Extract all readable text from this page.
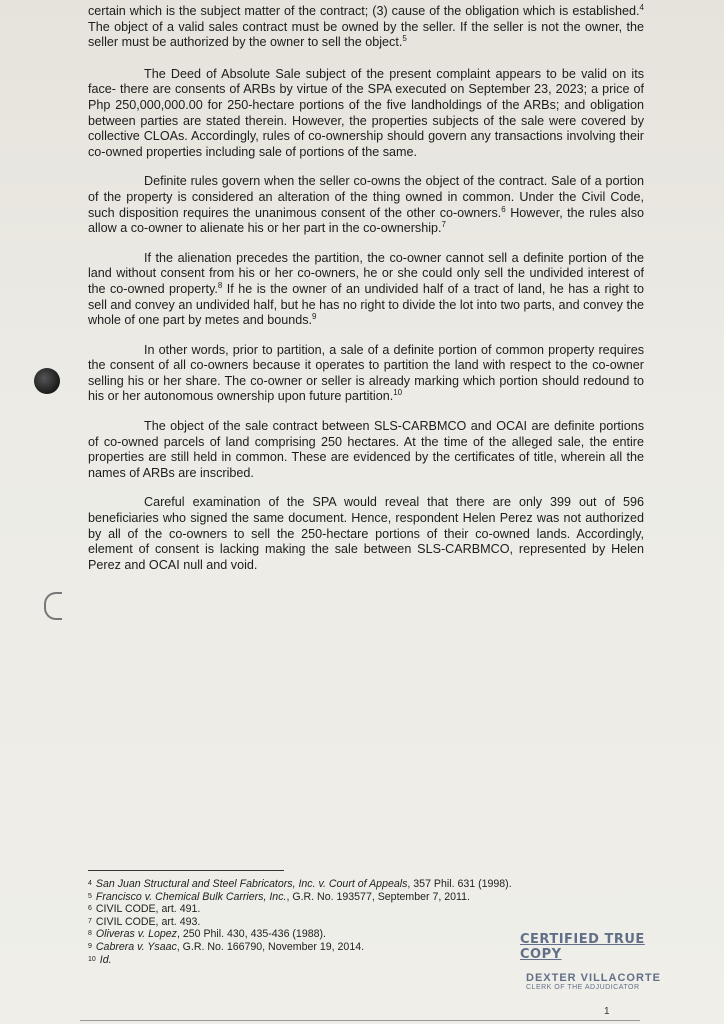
certain which is the subject matter of the contract; (3) cause of the obligation which is established.$^4$ The object of a valid sales contract must be owned by the seller. If the seller is not the owner, the seller must be authorized by the owner to sell the object.$^5$

The Deed of Absolute Sale subject of the present complaint appears to be valid on its face- there are consents of ARBs by virtue of the SPA executed on September 23, 2023; a price of Php 250,000,000.00 for 250-hectare portions of the five landholdings of the ARBs; and obligation between parties are stated therein. However, the properties subjects of the sale were covered by collective CLOAs. Accordingly, rules of co-ownership should govern any transactions involving their co-owned properties including sale of portions of the same.

Definite rules govern when the seller co-owns the object of the contract. Sale of a portion of the property is considered an alteration of the thing owned in common. Under the Civil Code, such disposition requires the unanimous consent of the other co-owners.$^6$ However, the rules also allow a co-owner to alienate his or her part in the co-ownership.$^7$

If the alienation precedes the partition, the co-owner cannot sell a definite portion of the land without consent from his or her co-owners, he or she could only sell the undivided interest of the co-owned property.$^8$ If he is the owner of an undivided half of a tract of land, he has a right to sell and convey an undivided half, but he has no right to divide the lot into two parts, and convey the whole of one part by metes and bounds.$^9$

In other words, prior to partition, a sale of a definite portion of common property requires the consent of all co-owners because it operates to partition the land with respect to the co-owner selling his or her share. The co-owner or seller is already marking which portion should redound to his or her autonomous ownership upon future partition.$^{10}$

The object of the sale contract between SLS-CARBMCO and OCAI are definite portions of co-owned parcels of land comprising 250 hectares. At the time of the alleged sale, the entire properties are still held in common. These are evidenced by the certificates of title, wherein all the names of ARBs are inscribed.

Careful examination of the SPA would reveal that there are only 399 out of 596 beneficiaries who signed the same document. Hence, respondent Helen Perez was not authorized by all of the co-owners to sell the 250-hectare portions of their co-owned lands. Accordingly, element of consent is lacking making the sale between SLS-CARBMCO, represented by Helen Perez and OCAI null and void.

$^4$ San Juan Structural and Steel Fabricators, Inc. v. Court of Appeals, 357 Phil. 631 (1998).

$^5$ Francisco v. Chemical Bulk Carriers, Inc., G.R. No. 193577, September 7, 2011.

$^6$ CIVIL CODE, art. 491.

$^7$ CIVIL CODE, art. 493.

$^8$ Oliveras v. Lopez, 250 Phil. 430, 435-436 (1988).

$^9$ Cabrera v. Ysaac, G.R. No. 166790, November 19, 2014.

$^{10}$ Id.

CERTIFIED TRUE COPY
DEXTER VILLACORTE
CLERK OF THE ADJUDICATOR
1
